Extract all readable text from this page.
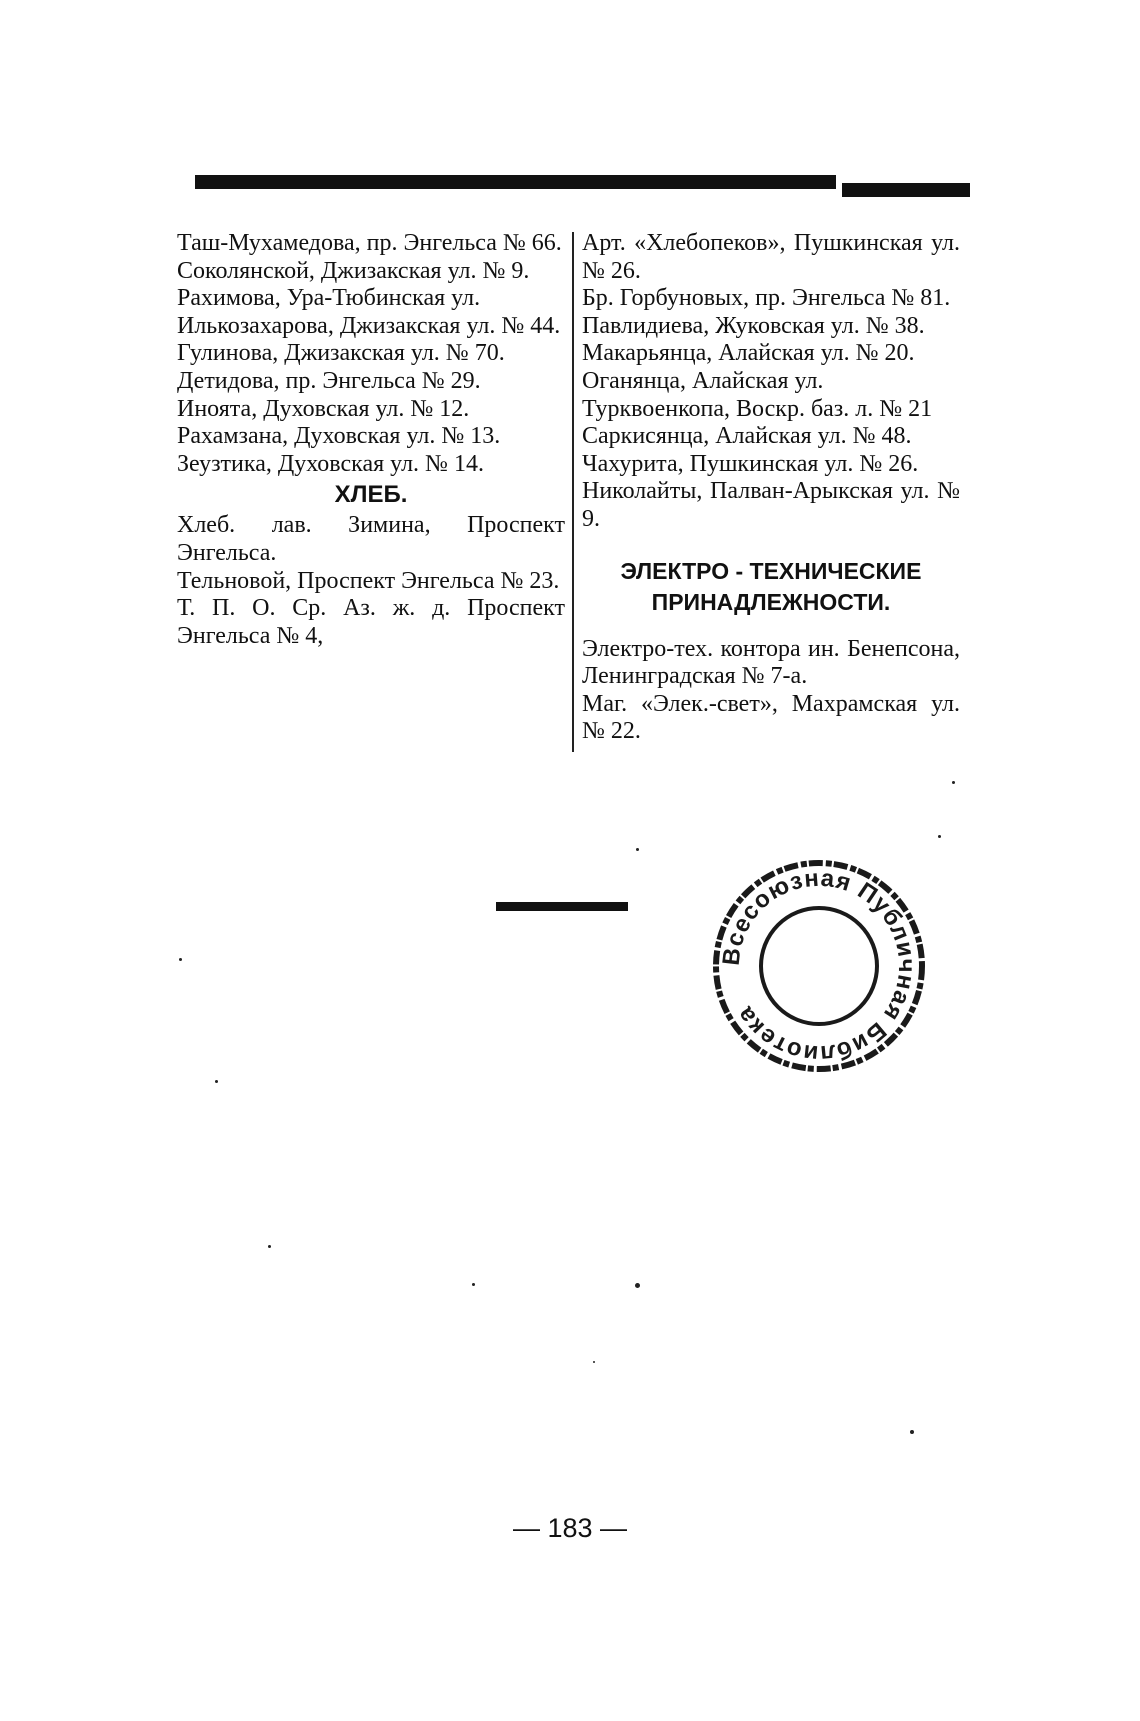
Таш-Мухамедова, пр. Энгельса № 66.
Соколянской, Джизакская ул. № 9.
Рахимова, Ура-Тюбинская ул.
Илькозахарова, Джизакская ул. № 44.
Гулинова, Джизакская ул. № 70.
Детидова, пр. Энгельса № 29.
Иноята, Духовская ул. № 12.
Рахамзана, Духовская ул. № 13.
Зеузтика, Духовская ул. № 14.
ХЛЕБ.
Хлеб. лав. Зимина, Проспект Энгельса.
Тельновой, Проспект Энгельса № 23.
Т. П. О. Ср. Аз. ж. д. Проспект Энгельса № 4,
Арт. «Хлебопеков», Пушкинская ул. № 26.
Бр. Горбуновых, пр. Энгельса № 81.
Павлидиева, Жуковская ул. № 38.
Макарьянца, Алайская ул. № 20.
Оганянца, Алайская ул.
Турквоенкопа, Воскр. баз. л. № 21
Саркисянца, Алайская ул. № 48.
Чахурита, Пушкинская ул. № 26.
Николайты, Палван-Арыкская ул. № 9.
ЭЛЕКТРО - ТЕХНИЧЕСКИЕ ПРИНАДЛЕЖНОСТИ.
Электро-тех. контора ин. Бенепсона, Ленинградская № 7-а.
Маг. «Элек.-свет», Махрамская ул. № 22.
Всесоюзная Публичная Библиотека
— 183 —
